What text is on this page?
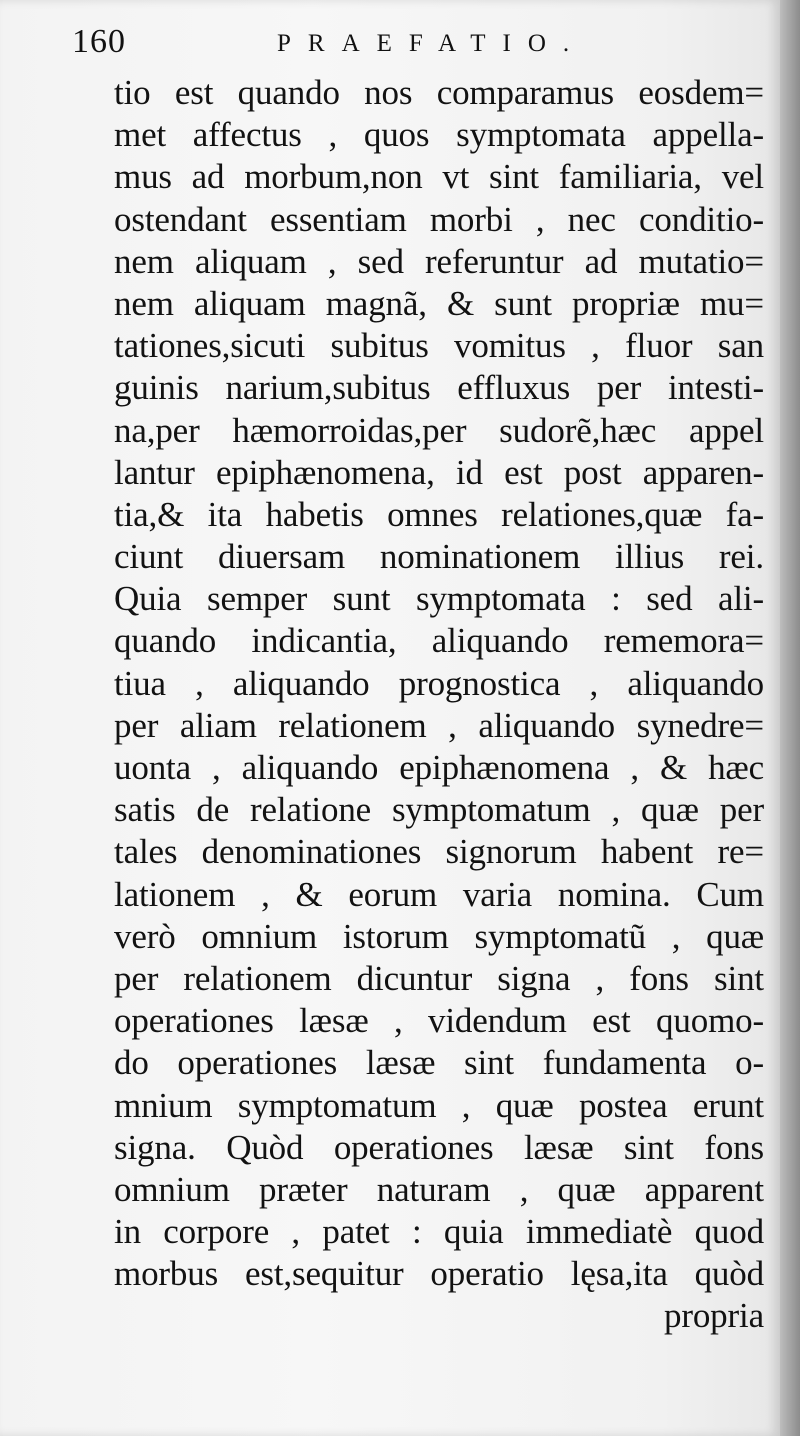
160	PRAEFATIO.
tio est quando nos comparamus eosdem=
met affectus , quos symptomata appella-
mus ad morbum,non vt sint familiaria, vel
ostendant essentiam morbi , nec conditio-
nem aliquam , sed referuntur ad mutatio=
nem aliquam magnã, & sunt propriæ mu=
tationes,sicuti subitus vomitus , fluor san
guinis narium,subitus effluxus per intesti-
na,per hæmorroidas,per sudorẽ,hæc appel
lantur epiphænomena, id est post apparen-
tia,& ita habetis omnes relationes,quæ fa-
ciunt diuersam nominationem illius rei.
Quia semper sunt symptomata : sed ali-
quando indicantia, aliquando rememora=
tiua , aliquando prognostica , aliquando
per aliam relationem , aliquando synedre=
uonta , aliquando epiphænomena , & hæc
satis de relatione symptomatum , quæ per
tales denominationes signorum habent re=
lationem , & eorum varia nomina. Cum
verò omnium istorum symptomatũ , quæ
per relationem dicuntur signa , fons sint
operationes læsæ , videndum est quomo-
do operationes læsæ sint fundamenta o-
mnium symptomatum , quæ postea erunt
signa. Quòd operationes læsæ sint fons
omnium præter naturam , quæ apparent
in corpore , patet : quia immediatè quod
morbus est,sequitur operatio lęsa,ita quòd
propria
